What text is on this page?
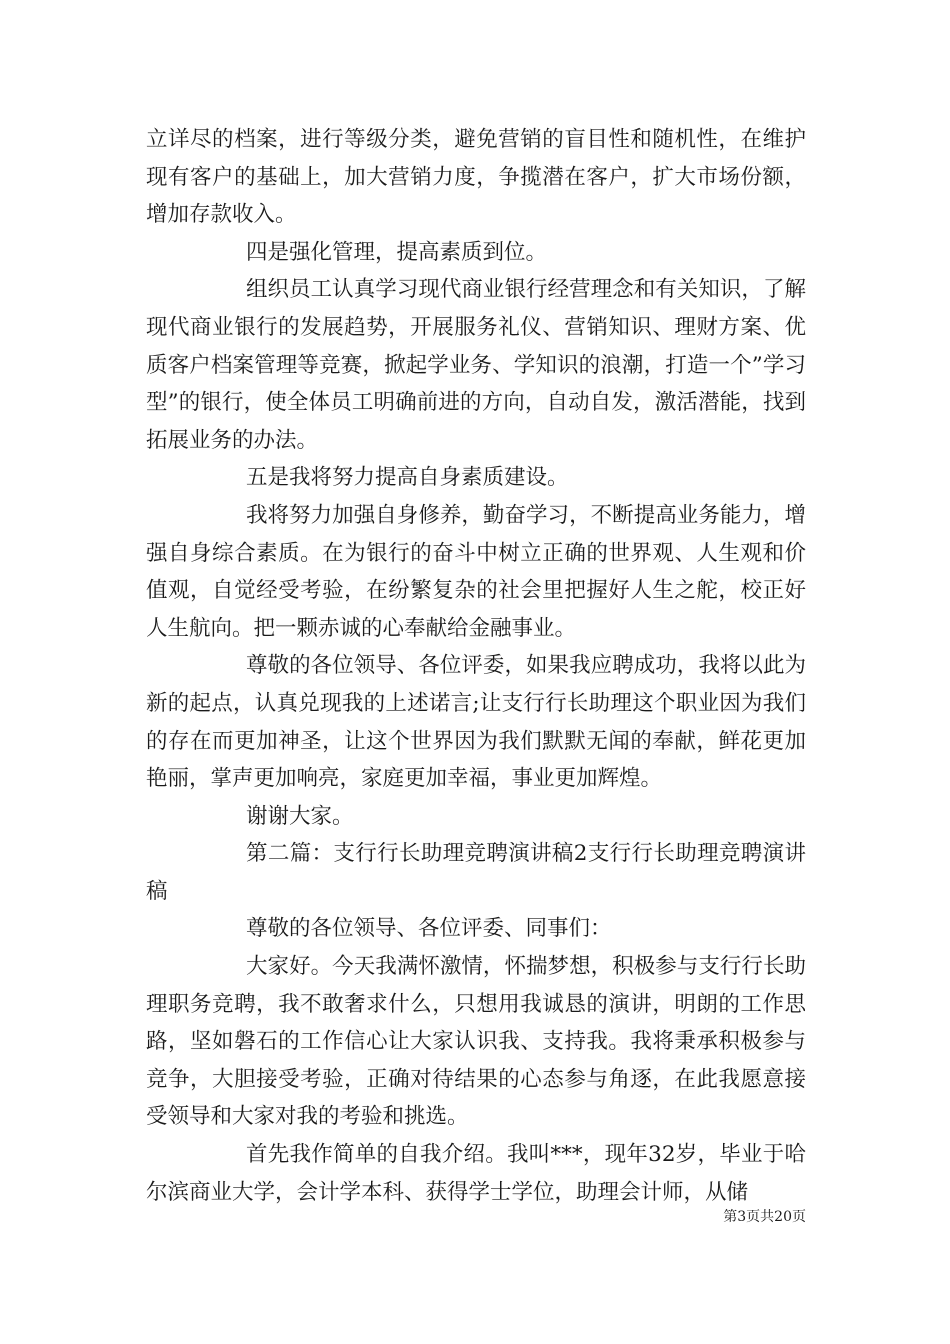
立详尽的档案，进行等级分类，避免营销的盲目性和随机性，在维护现有客户的基础上，加大营销力度，争揽潜在客户，扩大市场份额，增加存款收入。

四是强化管理，提高素质到位。

组织员工认真学习现代商业银行经营理念和有关知识，了解现代商业银行的发展趋势，开展服务礼仪、营销知识、理财方案、优质客户档案管理等竞赛，掀起学业务、学知识的浪潮，打造一个”学习型”的银行，使全体员工明确前进的方向，自动自发，激活潜能，找到拓展业务的办法。

五是我将努力提高自身素质建设。

我将努力加强自身修养，勤奋学习，不断提高业务能力，增强自身综合素质。在为银行的奋斗中树立正确的世界观、人生观和价值观，自觉经受考验，在纷繁复杂的社会里把握好人生之舵，校正好人生航向。把一颗赤诚的心奉献给金融事业。

尊敬的各位领导、各位评委，如果我应聘成功，我将以此为新的起点，认真兑现我的上述诺言;让支行行长助理这个职业因为我们的存在而更加神圣，让这个世界因为我们默默无闻的奉献，鲜花更加艳丽，掌声更加响亮，家庭更加幸福，事业更加辉煌。

谢谢大家。

第二篇：支行行长助理竞聘演讲稿2支行行长助理竞聘演讲稿

尊敬的各位领导、各位评委、同事们：

大家好。今天我满怀激情，怀揣梦想，积极参与支行行长助理职务竞聘，我不敢奢求什么，只想用我诚恳的演讲，明朗的工作思路，坚如磐石的工作信心让大家认识我、支持我。我将秉承积极参与竞争，大胆接受考验，正确对待结果的心态参与角逐，在此我愿意接受领导和大家对我的考验和挑选。

首先我作简单的自我介绍。我叫***，现年32岁，毕业于哈尔滨商业大学，会计学本科、获得学士学位，助理会计师，从储

第3页共20页
